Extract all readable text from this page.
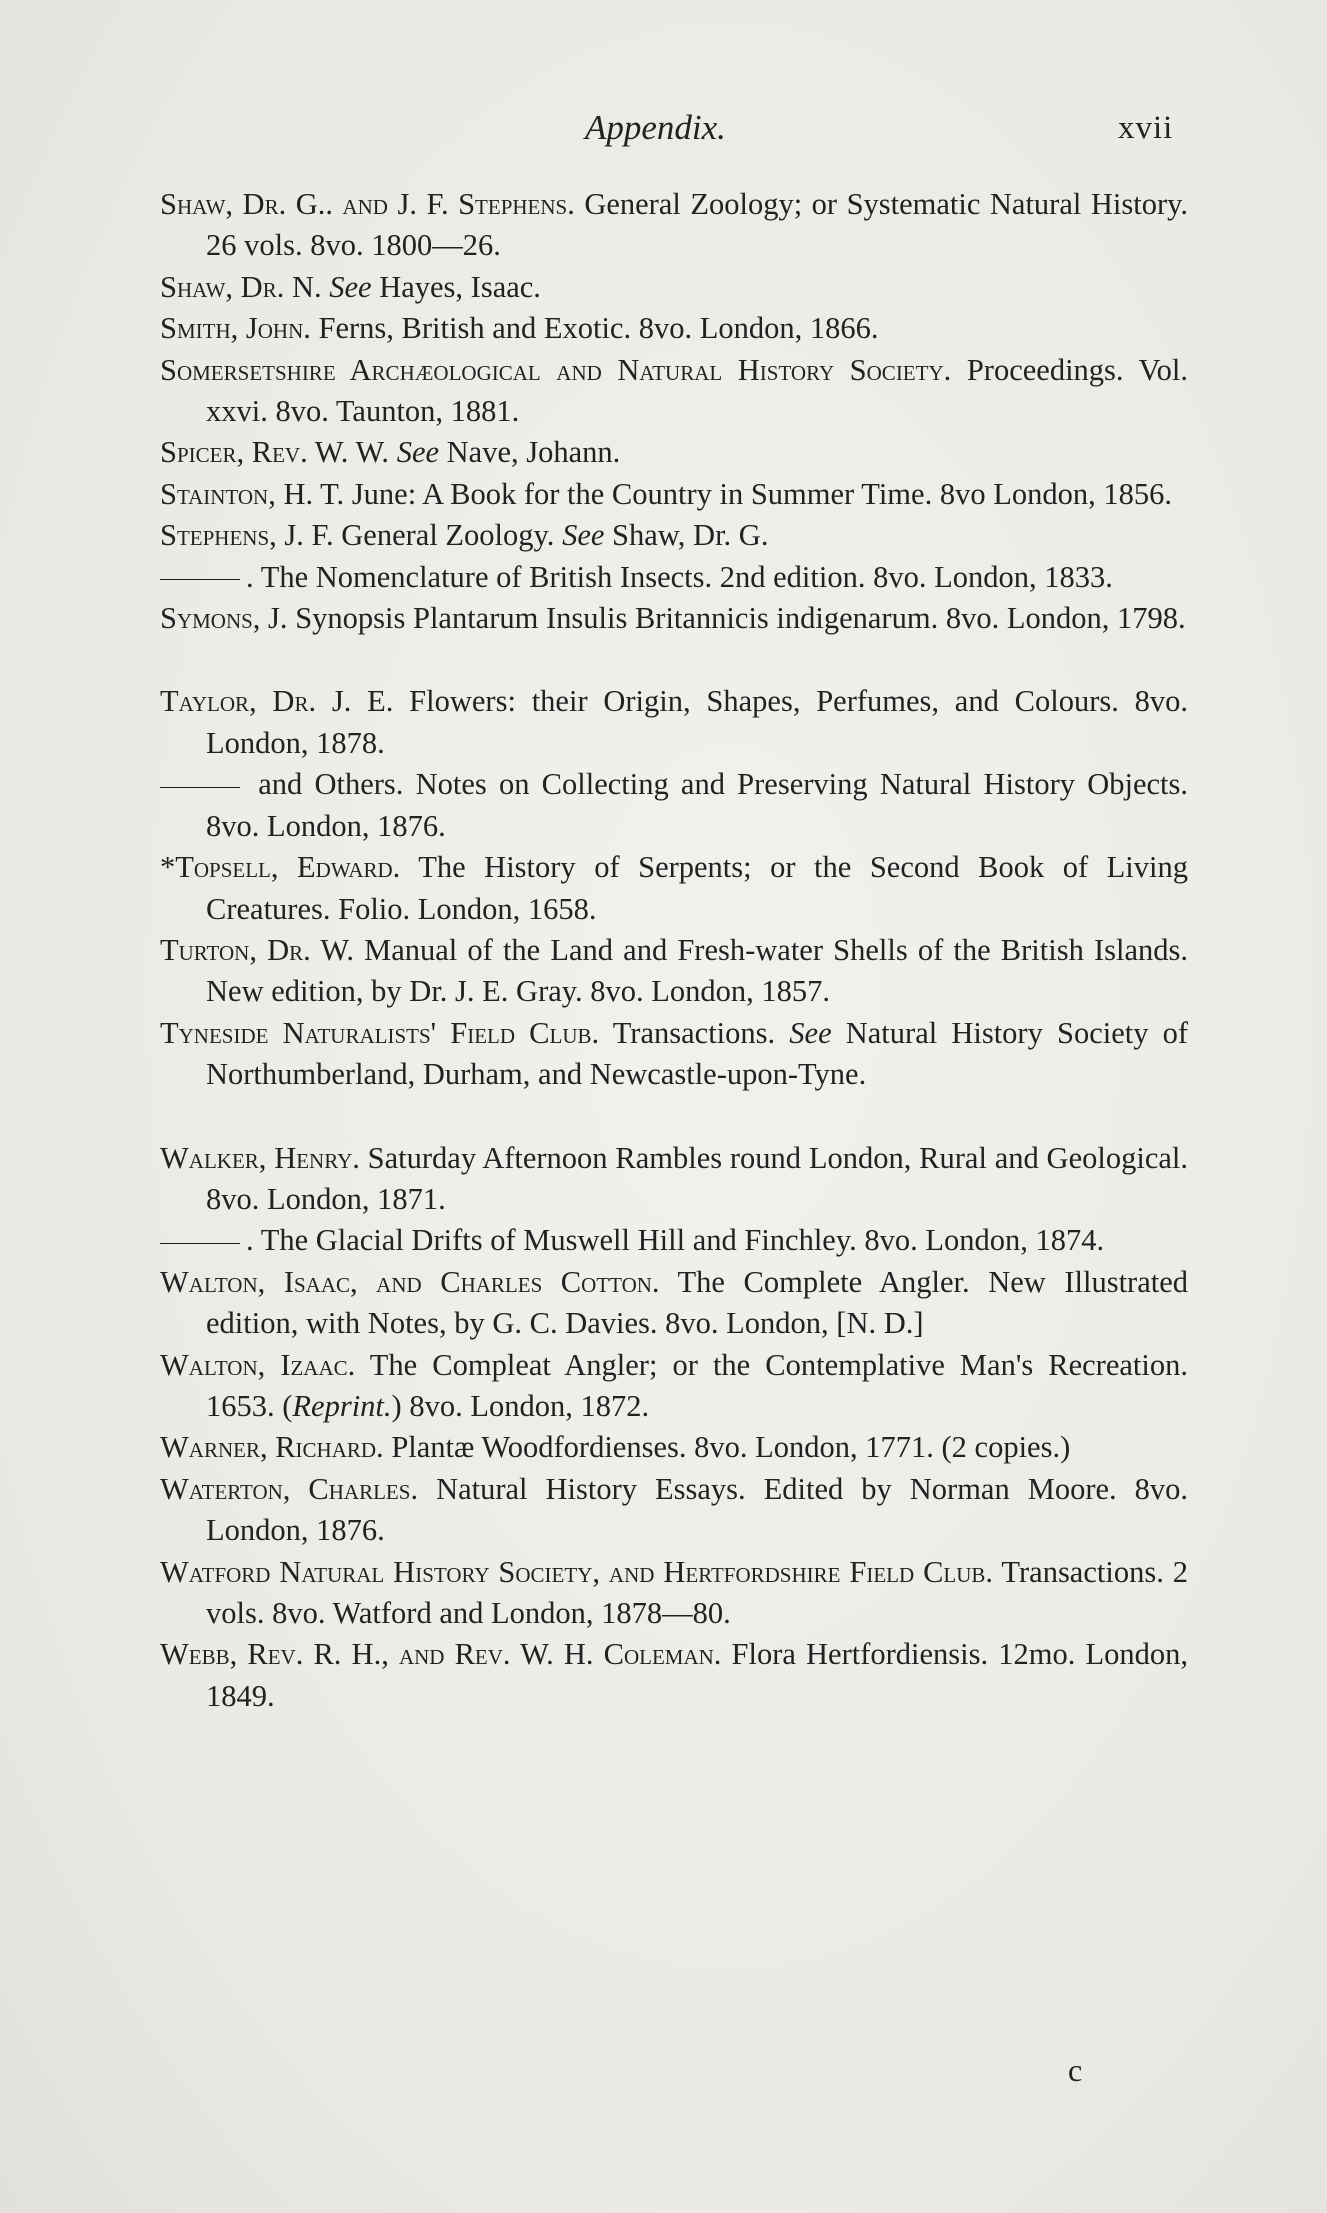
Appendix.	xvii

Shaw, Dr. G.. and J. F. Stephens. General Zoology; or Systematic Natural History. 26 vols. 8vo. 1800—26.

Shaw, Dr. N. See Hayes, Isaac.

Smith, John. Ferns, British and Exotic. 8vo. London, 1866.

Somersetshire Archæological and Natural History Society. Proceedings. Vol. xxvi. 8vo. Taunton, 1881.

Spicer, Rev. W. W. See Nave, Johann.

Stainton, H. T. June: A Book for the Country in Summer Time. 8vo London, 1856.

Stephens, J. F. General Zoology. See Shaw, Dr. G.

. The Nomenclature of British Insects. 2nd edition. 8vo. London, 1833.

Symons, J. Synopsis Plantarum Insulis Britannicis indigenarum. 8vo. London, 1798.

Taylor, Dr. J. E. Flowers: their Origin, Shapes, Perfumes, and Colours. 8vo. London, 1878.

and Others. Notes on Collecting and Preserving Natural History Objects. 8vo. London, 1876.

*Topsell, Edward. The History of Serpents; or the Second Book of Living Creatures. Folio. London, 1658.

Turton, Dr. W. Manual of the Land and Fresh-water Shells of the British Islands. New edition, by Dr. J. E. Gray. 8vo. London, 1857.

Tyneside Naturalists' Field Club. Transactions. See Natural History Society of Northumberland, Durham, and Newcastle-upon-Tyne.

Walker, Henry. Saturday Afternoon Rambles round London, Rural and Geological. 8vo. London, 1871.

. The Glacial Drifts of Muswell Hill and Finchley. 8vo. London, 1874.

Walton, Isaac, and Charles Cotton. The Complete Angler. New Illustrated edition, with Notes, by G. C. Davies. 8vo. London, [N. D.]

Walton, Izaac. The Compleat Angler; or the Contemplative Man's Recreation. 1653. (Reprint.) 8vo. London, 1872.

Warner, Richard. Plantæ Woodfordienses. 8vo. London, 1771. (2 copies.)

Waterton, Charles. Natural History Essays. Edited by Norman Moore. 8vo. London, 1876.

Watford Natural History Society, and Hertfordshire Field Club. Transactions. 2 vols. 8vo. Watford and London, 1878—80.

Webb, Rev. R. H., and Rev. W. H. Coleman. Flora Hertfordiensis. 12mo. London, 1849.

c
